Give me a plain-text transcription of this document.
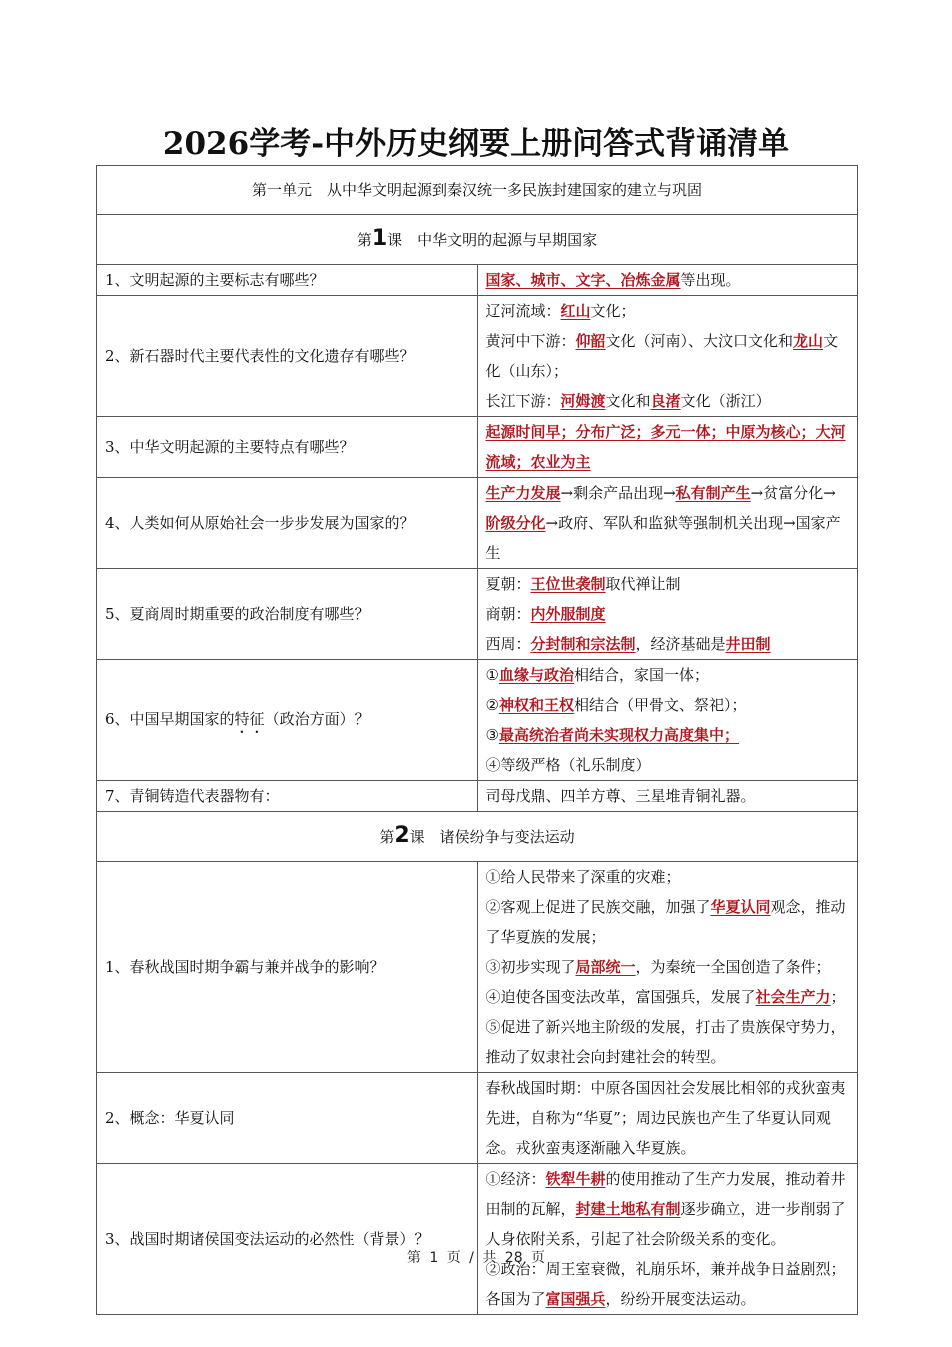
2026学考-中外历史纲要上册问答式背诵清单
第一单元　从中华文明起源到秦汉统一多民族封建国家的建立与巩固	
第1课　中华文明的起源与早期国家	
1、文明起源的主要标志有哪些？	国家、城市、文字、冶炼金属等出现。
2、新石器时代主要代表性的文化遗存有哪些？	辽河流域：红山文化；
黄河中下游：仰韶文化（河南）、大汶口文化和龙山文化（山东）；
长江下游：河姆渡文化和良渚文化（浙江）

3、中华文明起源的主要特点有哪些？	起源时间早；分布广泛；多元一体；中原为核心；大河流域；农业为主
4、人类如何从原始社会一步步发展为国家的？	生产力发展→剩余产品出现→私有制产生→贫富分化→阶级分化→政府、军队和监狱等强制机关出现→国家产生
5、夏商周时期重要的政治制度有哪些？	夏朝：王位世袭制取代禅让制
商朝：内外服制度
西周：分封制和宗法制，经济基础是井田制

6、中国早期国家的特征（政治方面）？	①血缘与政治相结合，家国一体；
②神权和王权相结合（甲骨文、祭祀）；
③最高统治者尚未实现权力高度集中；
④等级严格（礼乐制度）

7、青铜铸造代表器物有：	司母戊鼎、四羊方尊、三星堆青铜礼器。
第2课　诸侯纷争与变法运动	
1、春秋战国时期争霸与兼并战争的影响？	①给人民带来了深重的灾难；
②客观上促进了民族交融，加强了华夏认同观念，推动了华夏族的发展；
③初步实现了局部统一，为秦统一全国创造了条件；
④迫使各国变法改革，富国强兵，发展了社会生产力；
⑤促进了新兴地主阶级的发展，打击了贵族保守势力，推动了奴隶社会向封建社会的转型。

2、概念：华夏认同	春秋战国时期：中原各国因社会发展比相邻的戎狄蛮夷先进，自称为“华夏”；周边民族也产生了华夏认同观念。戎狄蛮夷逐渐融入华夏族。
3、战国时期诸侯国变法运动的必然性（背景）？	①经济：铁犁牛耕的使用推动了生产力发展，推动着井田制的瓦解，封建土地私有制逐步确立，进一步削弱了人身依附关系，引起了社会阶级关系的变化。
②政治：周王室衰微，礼崩乐坏，兼并战争日益剧烈；各国为了富国强兵，纷纷开展变法运动。
第 1 页 / 共 28 页
